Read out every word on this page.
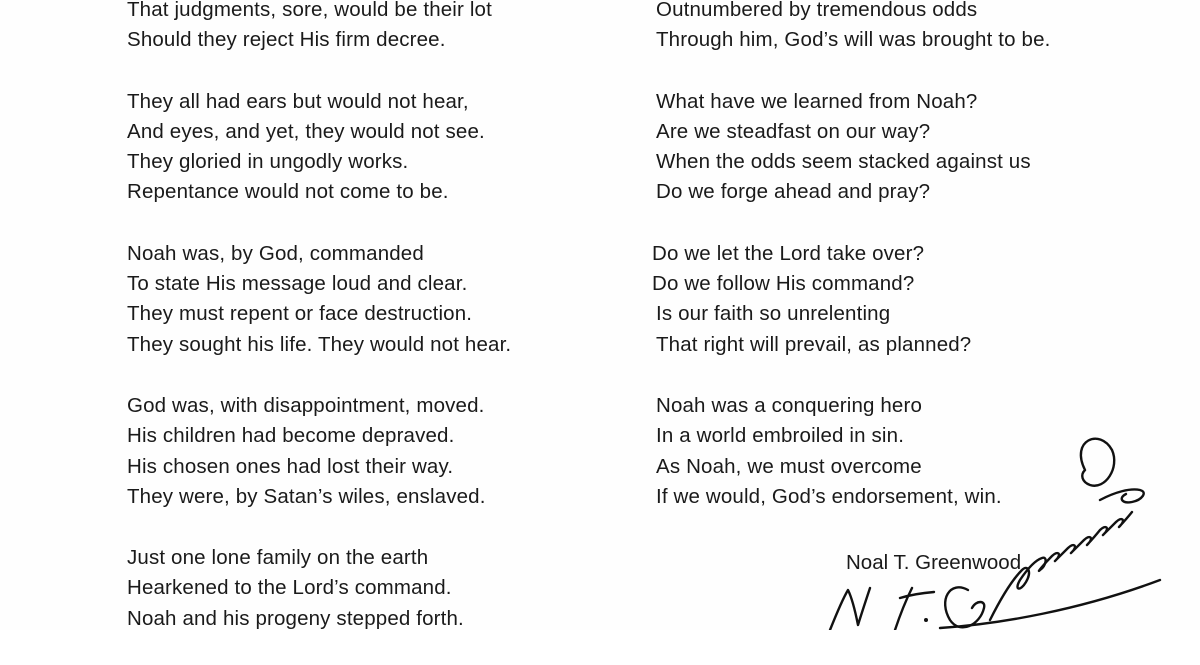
That judgments, sore, would be their lot
Should they reject His firm decree.
They all had ears but would not hear,
And eyes, and yet, they would not see.
They gloried in ungodly works.
Repentance would not come to be.
Noah was, by God, commanded
To state His message loud and clear.
They must repent or face destruction.
They sought his life. They would not hear.
God was, with disappointment, moved.
His children had become depraved.
His chosen ones had lost their way.
They were, by Satan’s wiles, enslaved.
Just one lone family on the earth
Hearkened to the Lord’s command.
Noah and his progeny stepped forth.
Outnumbered by tremendous odds
Through him, God’s will was brought to be.
What have we learned from Noah?
Are we steadfast on our way?
When the odds seem stacked against us
Do we forge ahead and pray?
Do we let the Lord take over?
Do we follow His command?
Is our faith so unrelenting
That right will prevail, as planned?
Noah was a conquering hero
In a world embroiled in sin.
As Noah, we must overcome
If we would, God’s endorsement, win.
Noal T. Greenwood
